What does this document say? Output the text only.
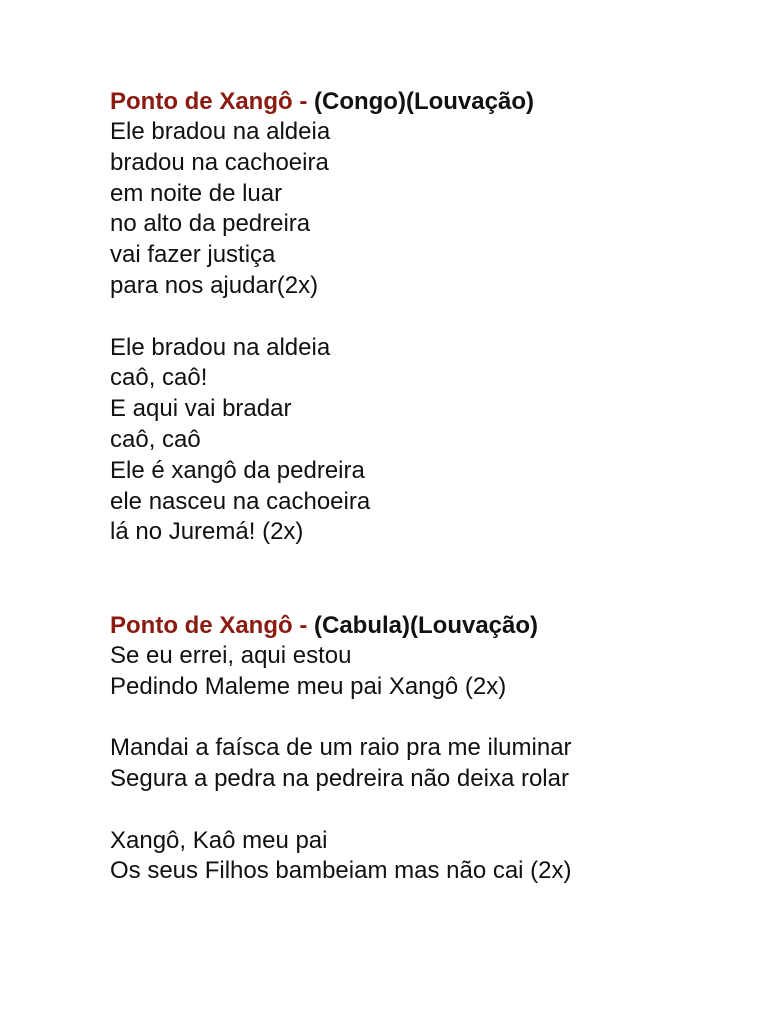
Ponto de Xangô - (Congo)(Louvação)

Ele bradou na aldeia

bradou na cachoeira

em noite de luar

no alto da pedreira

vai fazer justiça

para nos ajudar(2x)

Ele bradou na aldeia

caô, caô!

E aqui vai bradar

caô, caô

Ele é xangô da pedreira

ele nasceu na cachoeira

lá no Juremá! (2x)

Ponto de Xangô - (Cabula)(Louvação)

Se eu errei, aqui estou

Pedindo Maleme meu pai Xangô (2x)

Mandai a faísca de um raio pra me iluminar

Segura a pedra na pedreira não deixa rolar

Xangô, Kaô meu pai

Os seus Filhos bambeiam mas não cai (2x)
